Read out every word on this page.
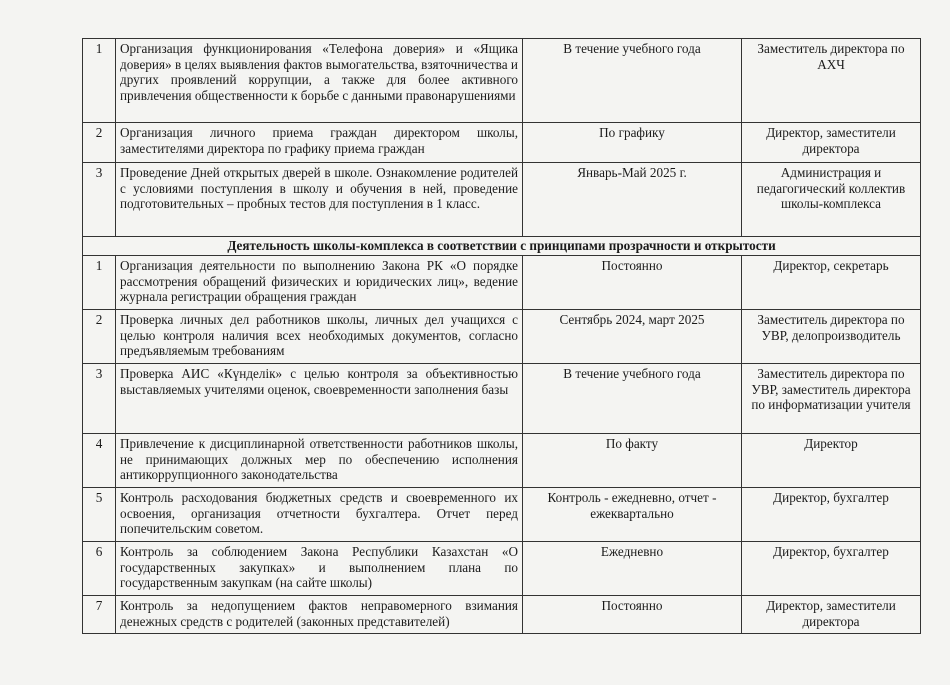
1	Организация функционирования «Телефона доверия» и «Ящика доверия» в целях выявления фактов вымогательства, взяточничества и других проявлений коррупции, а также для более активного привлечения общественности к борьбе с данными правонарушениями	В течение учебного года	Заместитель директора по АХЧ
2	Организация личного приема граждан директором школы, заместителями директора по графику приема граждан	По графику	Директор, заместители директора
3	Проведение Дней открытых дверей в школе. Ознакомление родителей с условиями поступления в школу и обучения в ней, проведение подготовительных – пробных тестов для поступления в 1 класс.	Январь-Май 2025 г.	Администрация и педагогический коллектив школы-комплекса
Деятельность школы-комплекса в соответствии с принципами прозрачности и открытости			
1	Организация деятельности по выполнению Закона РК «О порядке рассмотрения обращений физических и юридических лиц», ведение журнала регистрации обращения граждан	Постоянно	Директор, секретарь
2	Проверка личных дел работников школы, личных дел учащихся с целью контроля наличия всех необходимых документов, согласно предъявляемым требованиям	Сентябрь 2024, март 2025	Заместитель директора по УВР, делопроизводитель
3	Проверка АИС «Күнделік» с целью контроля за объективностью выставляемых учителями оценок, своевременности заполнения базы	В течение учебного года	Заместитель директора по УВР, заместитель директора по информатизации учителя
4	Привлечение к дисциплинарной ответственности работников школы, не принимающих должных мер по обеспечению исполнения антикоррупционного законодательства	По факту	Директор
5	Контроль расходования бюджетных средств и своевременного их освоения, организация отчетности бухгалтера. Отчет перед попечительским советом.	Контроль - ежедневно, отчет - ежеквартально	Директор, бухгалтер
6	Контроль за соблюдением Закона Республики Казахстан «О государственных закупках» и выполнением плана по государственным закупкам (на сайте школы)	Ежедневно	Директор, бухгалтер
7	Контроль за недопущением фактов неправомерного взимания денежных средств с родителей (законных представителей)	Постоянно	Директор, заместители директора
